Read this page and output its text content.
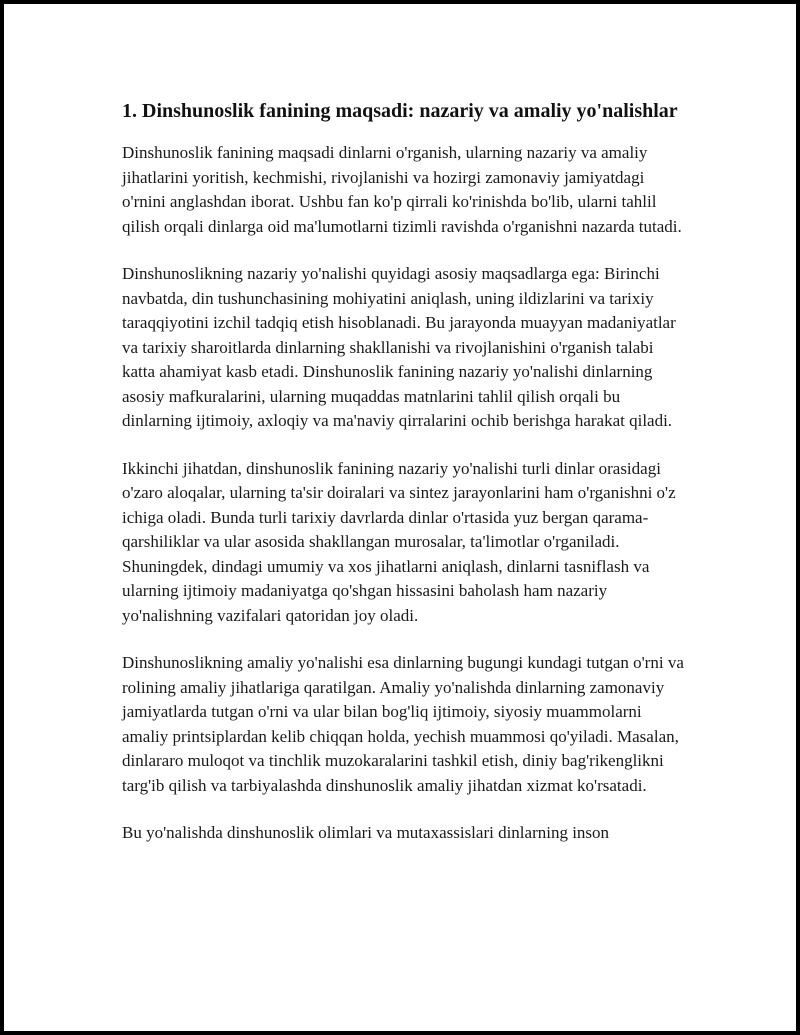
1. Dinshunoslik fanining maqsadi: nazariy va amaliy yo'nalishlar

Dinshunoslik fanining maqsadi dinlarni o'rganish, ularning nazariy va amaliy jihatlarini yoritish, kechmishi, rivojlanishi va hozirgi zamonaviy jamiyatdagi o'rnini anglashdan iborat. Ushbu fan ko'p qirrali ko'rinishda bo'lib, ularni tahlil qilish orqali dinlarga oid ma'lumotlarni tizimli ravishda o'rganishni nazarda tutadi.

Dinshunoslikning nazariy yo'nalishi quyidagi asosiy maqsadlarga ega: Birinchi navbatda, din tushunchasining mohiyatini aniqlash, uning ildizlarini va tarixiy taraqqiyotini izchil tadqiq etish hisoblanadi. Bu jarayonda muayyan madaniyatlar va tarixiy sharoitlarda dinlarning shakllanishi va rivojlanishini o'rganish talabi katta ahamiyat kasb etadi. Dinshunoslik fanining nazariy yo'nalishi dinlarning asosiy mafkuralarini, ularning muqaddas matnlarini tahlil qilish orqali bu dinlarning ijtimoiy, axloqiy va ma'naviy qirralarini ochib berishga harakat qiladi.

Ikkinchi jihatdan, dinshunoslik fanining nazariy yo'nalishi turli dinlar orasidagi o'zaro aloqalar, ularning ta'sir doiralari va sintez jarayonlarini ham o'rganishni o'z ichiga oladi. Bunda turli tarixiy davrlarda dinlar o'rtasida yuz bergan qarama-qarshiliklar va ular asosida shakllangan murosalar, ta'limotlar o'rganiladi. Shuningdek, dindagi umumiy va xos jihatlarni aniqlash, dinlarni tasniflash va ularning ijtimoiy madaniyatga qo'shgan hissasini baholash ham nazariy yo'nalishning vazifalari qatoridan joy oladi.

Dinshunoslikning amaliy yo'nalishi esa dinlarning bugungi kundagi tutgan o'rni va rolining amaliy jihatlariga qaratilgan. Amaliy yo'nalishda dinlarning zamonaviy jamiyatlarda tutgan o'rni va ular bilan bog'liq ijtimoiy, siyosiy muammolarni amaliy printsiplardan kelib chiqqan holda, yechish muammosi qo'yiladi. Masalan, dinlararo muloqot va tinchlik muzokaralarini tashkil etish, diniy bag'rikenglikni targ'ib qilish va tarbiyalashda dinshunoslik amaliy jihatdan xizmat ko'rsatadi.

Bu yo'nalishda dinshunoslik olimlari va mutaxassislari dinlarning inson
